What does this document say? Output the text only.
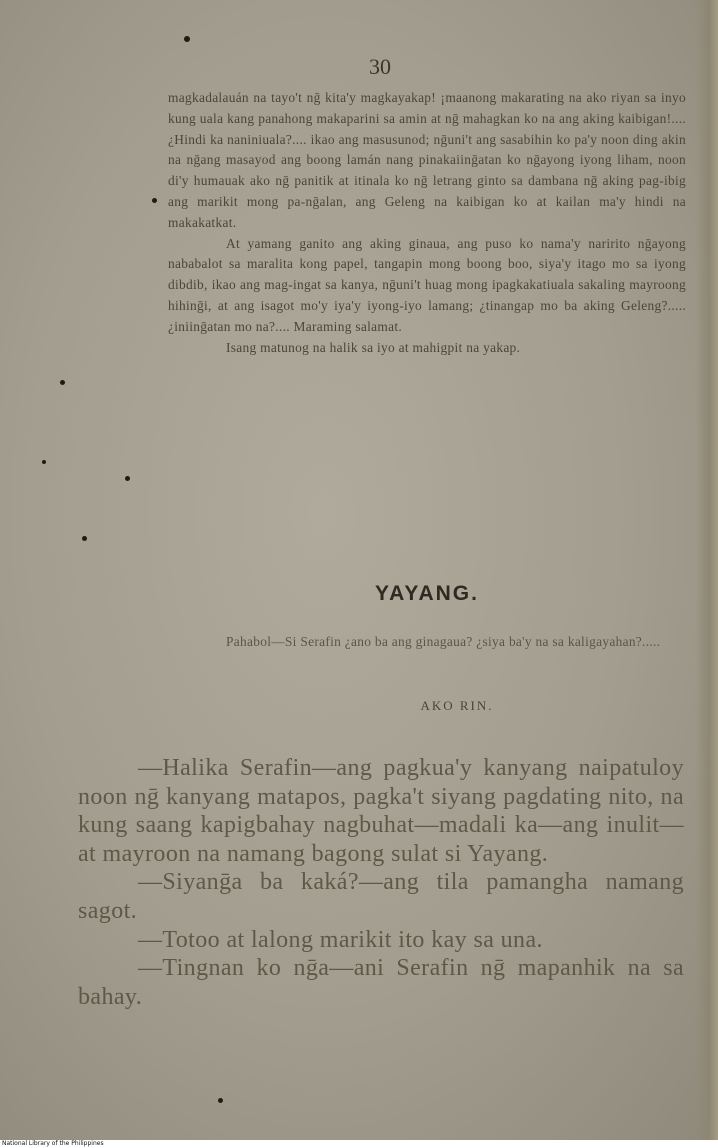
30

magkadalauán na tayo't nḡ kita'y magkayakap! ¡maanong makarating na ako riyan sa inyo kung uala kang panahong makaparini sa amin at nḡ mahagkan ko na ang aking kaibigan!.... ¿Hindi ka naniniuala?.... ikao ang masusunod; nḡuni't ang sasabihin ko pa'y noon ding akin na nḡang masayod ang boong lamán nang pinakaiinḡatan ko nḡayong iyong liham, noon di'y humauak ako nḡ panitik at itinala ko nḡ letrang ginto sa dambana nḡ aking pag-ibig ang marikit mong pa-nḡalan, ang Geleng na kaibigan ko at kailan ma'y hindi na makakatkat.

At yamang ganito ang aking ginaua, ang puso ko nama'y naririto nḡayong nababalot sa maralita kong papel, tangapin mong boong boo, siya'y itago mo sa iyong dibdib, ikao ang mag-ingat sa kanya, nḡuni't huag mong ipagkakatiuala sakaling mayroong hihinḡi, at ang isagot mo'y iya'y iyong-iyo lamang; ¿tinangap mo ba aking Geleng?..... ¿iniinḡatan mo na?.... Maraming salamat.

Isang matunog na halik sa iyo at mahigpit na yakap.

YAYANG.
Pahabol—Si Serafin ¿ano ba ang ginagaua? ¿siya ba'y na sa kaligayahan?.....
AKO RIN.

—Halika Serafin—ang pagkua'y kanyang naipatuloy noon nḡ kanyang matapos, pagka't siyang pagdating nito, na kung saang kapigbahay nagbuhat—madali ka—ang inulit—at mayroon na namang bagong sulat si Yayang.

—Siyanḡa ba kaká?—ang tila pamangha namang sagot.

—Totoo at lalong marikit ito kay sa una.

—Tingnan ko nḡa—ani Serafin nḡ mapanhik na sa bahay.

National Library of the Philippines
